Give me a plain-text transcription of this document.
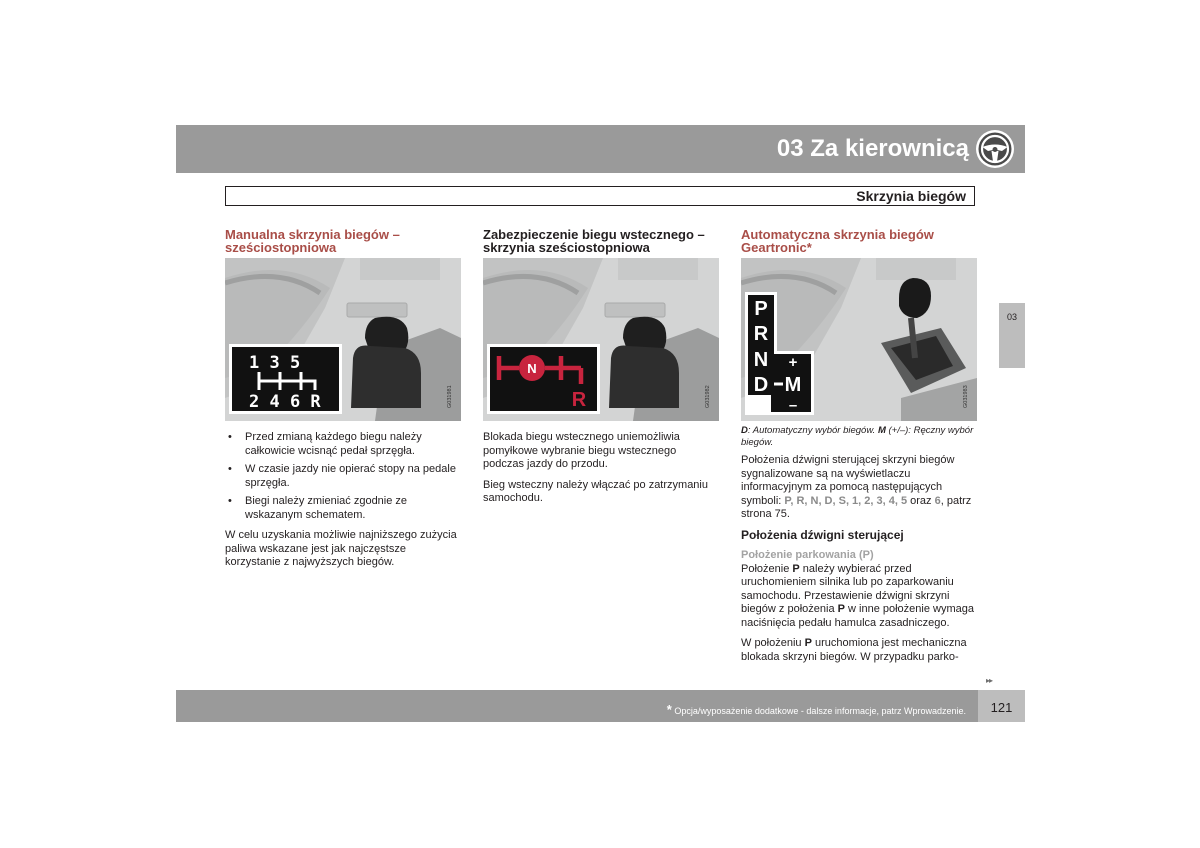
03 Za kierownicą
Skrzynia biegów
03
Manualna skrzynia biegów – sześciostopniowa
1 3 5
2 4 6 R	G031981
• Przed zmianą każdego biegu należy całkowicie wcisnąć pedał sprzęgła.
• W czasie jazdy nie opierać stopy na pedale sprzęgła.
• Biegi należy zmieniać zgodnie ze wskazanym schematem.

W celu uzyskania możliwie najniższego zużycia paliwa wskazane jest jak najczęstsze korzystanie z najwyższych biegów.

Zabezpieczenie biegu wstecznego – skrzynia sześciostopniowa
N
R	G031982

Blokada biegu wstecznego uniemożliwia pomyłkowe wybranie biegu wstecznego podczas jazdy do przodu.

Bieg wsteczny należy włączać po zatrzymaniu samochodu.

Automatyczna skrzynia biegów
Geartronic*
P
R
N
D
+
M
–	G031983
D: Automatyczny wybór biegów. M (+/–): Ręczny wybór biegów.

Położenia dźwigni sterującej skrzyni biegów sygnalizowane są na wyświetlaczu informacyjnym za pomocą następujących symboli: P, R, N, D, S, 1, 2, 3, 4, 5 oraz 6, patrz strona 75.

Położenia dźwigni sterującej
Położenie parkowania (P)

Położenie P należy wybierać przed uruchomieniem silnika lub po zaparkowaniu samochodu. Przestawienie dźwigni skrzyni biegów z położenia P w inne położenie wymaga naciśnięcia pedału hamulca zasadniczego.

W położeniu P uruchomiona jest mechaniczna blokada skrzyni biegów. W przypadku parko-

▸▸
* Opcja/wyposażenie dodatkowe - dalsze informacje, patrz Wprowadzenie.	121
